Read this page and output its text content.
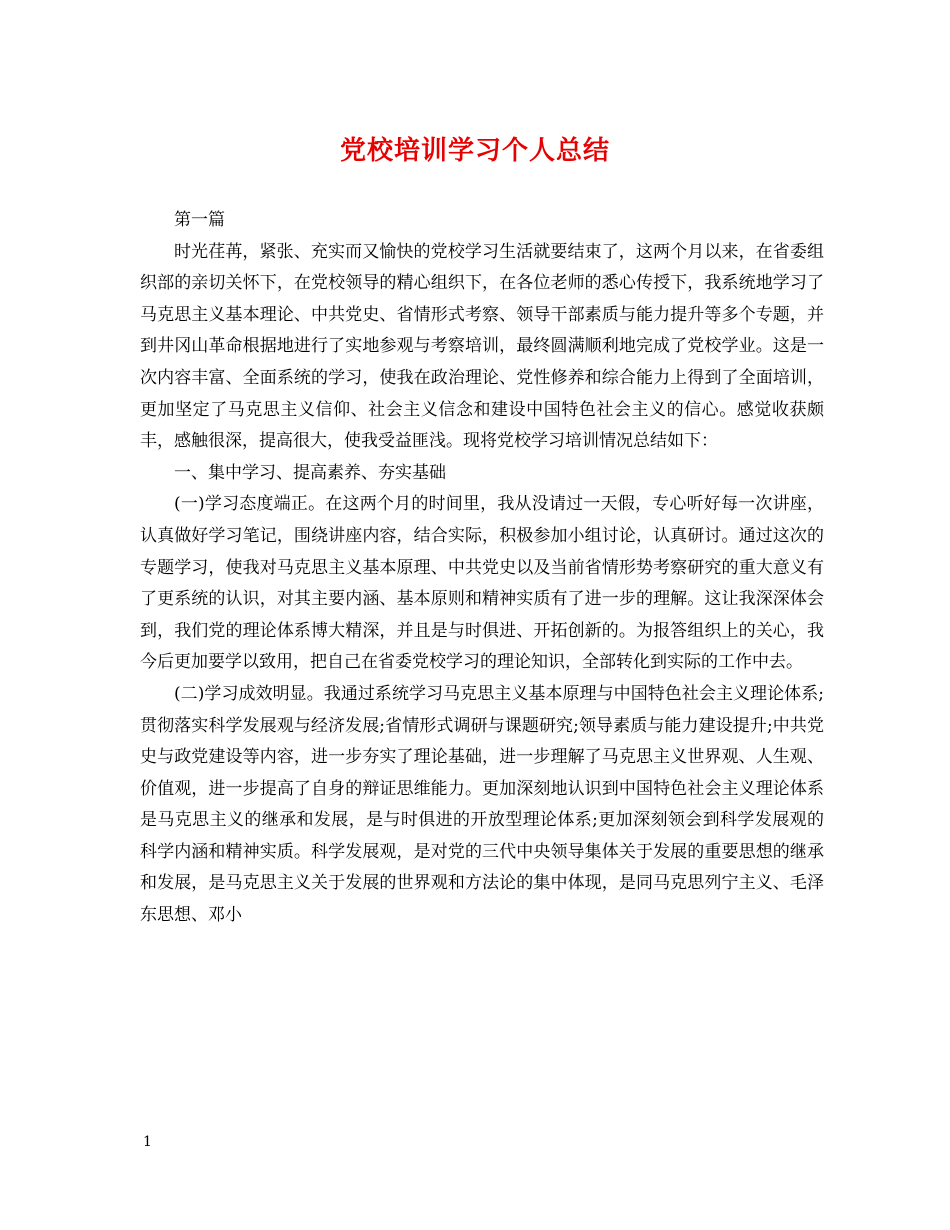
党校培训学习个人总结

第一篇

时光荏苒，紧张、充实而又愉快的党校学习生活就要结束了，这两个月以来，在省委组织部的亲切关怀下，在党校领导的精心组织下，在各位老师的悉心传授下，我系统地学习了马克思主义基本理论、中共党史、省情形式考察、领导干部素质与能力提升等多个专题，并到井冈山革命根据地进行了实地参观与考察培训，最终圆满顺利地完成了党校学业。这是一次内容丰富、全面系统的学习，使我在政治理论、党性修养和综合能力上得到了全面培训，更加坚定了马克思主义信仰、社会主义信念和建设中国特色社会主义的信心。感觉收获颇丰，感触很深，提高很大，使我受益匪浅。现将党校学习培训情况总结如下：

一、集中学习、提高素养、夯实基础

(一)学习态度端正。在这两个月的时间里，我从没请过一天假，专心听好每一次讲座，认真做好学习笔记，围绕讲座内容，结合实际，积极参加小组讨论，认真研讨。通过这次的专题学习，使我对马克思主义基本原理、中共党史以及当前省情形势考察研究的重大意义有了更系统的认识，对其主要内涵、基本原则和精神实质有了进一步的理解。这让我深深体会到，我们党的理论体系博大精深，并且是与时俱进、开拓创新的。为报答组织上的关心，我今后更加要学以致用，把自己在省委党校学习的理论知识，全部转化到实际的工作中去。

(二)学习成效明显。我通过系统学习马克思主义基本原理与中国特色社会主义理论体系;贯彻落实科学发展观与经济发展;省情形式调研与课题研究;领导素质与能力建设提升;中共党史与政党建设等内容，进一步夯实了理论基础，进一步理解了马克思主义世界观、人生观、价值观，进一步提高了自身的辩证思维能力。更加深刻地认识到中国特色社会主义理论体系是马克思主义的继承和发展，是与时俱进的开放型理论体系;更加深刻领会到科学发展观的科学内涵和精神实质。科学发展观，是对党的三代中央领导集体关于发展的重要思想的继承和发展，是马克思主义关于发展的世界观和方法论的集中体现，是同马克思列宁主义、毛泽东思想、邓小

1
